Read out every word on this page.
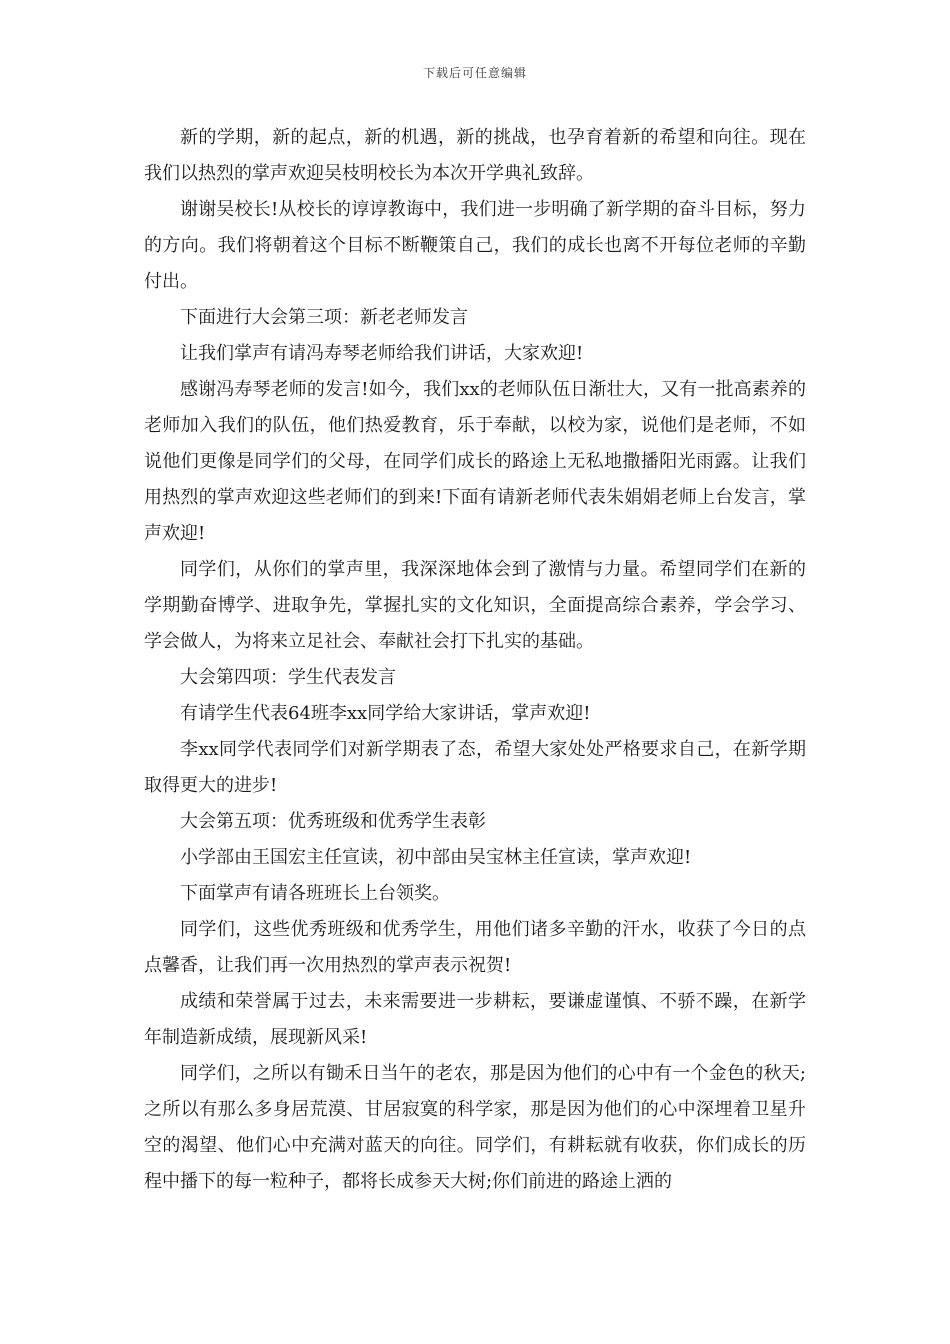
下载后可任意编辑

新的学期，新的起点，新的机遇，新的挑战，也孕育着新的希望和向往。现在我们以热烈的掌声欢迎吴枝明校长为本次开学典礼致辞。

谢谢吴校长!从校长的谆谆教诲中，我们进一步明确了新学期的奋斗目标，努力的方向。我们将朝着这个目标不断鞭策自己，我们的成长也离不开每位老师的辛勤付出。

下面进行大会第三项：新老老师发言

让我们掌声有请冯寿琴老师给我们讲话，大家欢迎!

感谢冯寿琴老师的发言!如今，我们xx的老师队伍日渐壮大，又有一批高素养的老师加入我们的队伍，他们热爱教育，乐于奉献，以校为家，说他们是老师，不如说他们更像是同学们的父母，在同学们成长的路途上无私地撒播阳光雨露。让我们用热烈的掌声欢迎这些老师们的到来!下面有请新老师代表朱娟娟老师上台发言，掌声欢迎!

同学们，从你们的掌声里，我深深地体会到了激情与力量。希望同学们在新的学期勤奋博学、进取争先，掌握扎实的文化知识，全面提高综合素养，学会学习、学会做人，为将来立足社会、奉献社会打下扎实的基础。

大会第四项：学生代表发言

有请学生代表64班李xx同学给大家讲话，掌声欢迎!

李xx同学代表同学们对新学期表了态，希望大家处处严格要求自己，在新学期取得更大的进步!

大会第五项：优秀班级和优秀学生表彰

小学部由王国宏主任宣读，初中部由吴宝林主任宣读，掌声欢迎!

下面掌声有请各班班长上台领奖。

同学们，这些优秀班级和优秀学生，用他们诸多辛勤的汗水，收获了今日的点点馨香，让我们再一次用热烈的掌声表示祝贺!

成绩和荣誉属于过去，未来需要进一步耕耘，要谦虚谨慎、不骄不躁，在新学年制造新成绩，展现新风采!

同学们，之所以有锄禾日当午的老农，那是因为他们的心中有一个金色的秋天;之所以有那么多身居荒漠、甘居寂寞的科学家，那是因为他们的心中深埋着卫星升空的渴望、他们心中充满对蓝天的向往。同学们，有耕耘就有收获，你们成长的历程中播下的每一粒种子，都将长成参天大树;你们前进的路途上洒的
